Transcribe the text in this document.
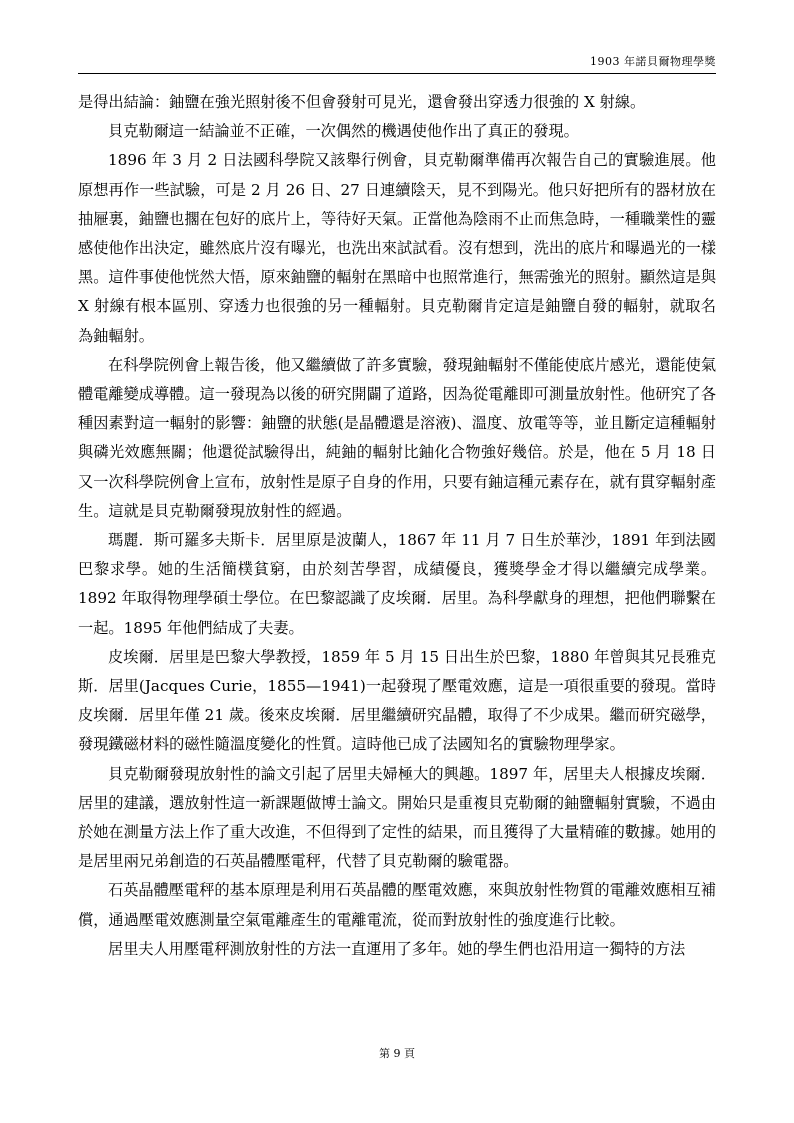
1903 年諾貝爾物理學獎

是得出結論：鈾鹽在強光照射後不但會發射可見光，還會發出穿透力很強的 X 射線。

貝克勒爾這一結論並不正確，一次偶然的機遇使他作出了真正的發現。

1896 年 3 月 2 日法國科學院又該舉行例會，貝克勒爾準備再次報告自己的實驗進展。他原想再作一些試驗，可是 2 月 26 日、27 日連續陰天，見不到陽光。他只好把所有的器材放在抽屜裏，鈾鹽也擱在包好的底片上，等待好天氣。正當他為陰雨不止而焦急時，一種職業性的靈感使他作出決定，雖然底片沒有曝光，也洗出來試試看。沒有想到，洗出的底片和曝過光的一樣黑。這件事使他恍然大悟，原來鈾鹽的輻射在黑暗中也照常進行，無需強光的照射。顯然這是與 X 射線有根本區別、穿透力也很強的另一種輻射。貝克勒爾肯定這是鈾鹽自發的輻射，就取名為鈾輻射。

在科學院例會上報告後，他又繼續做了許多實驗，發現鈾輻射不僅能使底片感光，還能使氣體電離變成導體。這一發現為以後的研究開闢了道路，因為從電離即可測量放射性。他研究了各種因素對這一輻射的影響：鈾鹽的狀態(是晶體還是溶液)、溫度、放電等等，並且斷定這種輻射與磷光效應無關；他還從試驗得出，純鈾的輻射比鈾化合物強好幾倍。於是，他在 5 月 18 日又一次科學院例會上宣布，放射性是原子自身的作用，只要有鈾這種元素存在，就有貫穿輻射產生。這就是貝克勒爾發現放射性的經過。

瑪麗．斯可羅多夫斯卡．居里原是波蘭人，1867 年 11 月 7 日生於華沙，1891 年到法國巴黎求學。她的生活簡樸貧窮，由於刻苦學習，成績優良，獲獎學金才得以繼續完成學業。1892 年取得物理學碩士學位。在巴黎認識了皮埃爾．居里。為科學獻身的理想，把他們聯繫在一起。1895 年他們結成了夫妻。

皮埃爾．居里是巴黎大學教授，1859 年 5 月 15 日出生於巴黎，1880 年曾與其兄長雅克斯．居里(Jacques Curie，1855—1941)一起發現了壓電效應，這是一項很重要的發現。當時皮埃爾．居里年僅 21 歲。後來皮埃爾．居里繼續研究晶體，取得了不少成果。繼而研究磁學，發現鐵磁材料的磁性隨溫度變化的性質。這時他已成了法國知名的實驗物理學家。

貝克勒爾發現放射性的論文引起了居里夫婦極大的興趣。1897 年，居里夫人根據皮埃爾．居里的建議，選放射性這一新課題做博士論文。開始只是重複貝克勒爾的鈾鹽輻射實驗，不過由於她在測量方法上作了重大改進，不但得到了定性的結果，而且獲得了大量精確的數據。她用的是居里兩兄弟創造的石英晶體壓電秤，代替了貝克勒爾的驗電器。

石英晶體壓電秤的基本原理是利用石英晶體的壓電效應，來與放射性物質的電離效應相互補償，通過壓電效應測量空氣電離產生的電離電流，從而對放射性的強度進行比較。

居里夫人用壓電秤測放射性的方法一直運用了多年。她的學生們也沿用這一獨特的方法

第 9 頁
